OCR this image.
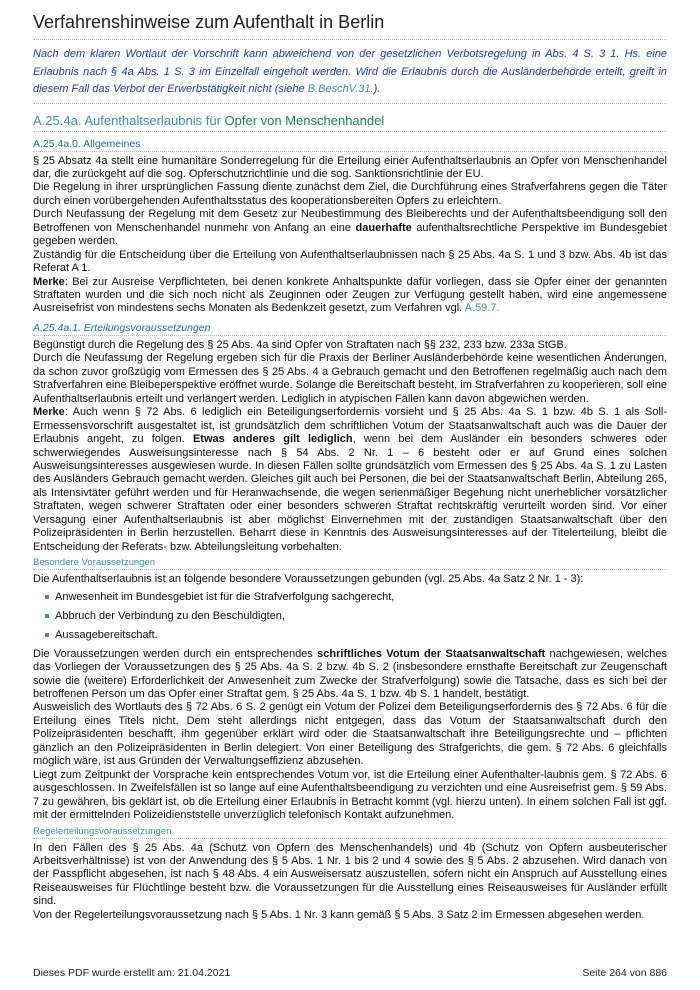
Verfahrenshinweise zum Aufenthalt in Berlin
Nach dem klaren Wortlaut der Vorschrift kann abweichend von der gesetzlichen Verbotsregelung in Abs. 4 S. 3 1. Hs. eine Erlaubnis nach § 4a Abs. 1 S. 3 im Einzelfall eingeholt werden. Wird die Erlaubnis durch die Ausländerbehörde erteilt, greift in diesem Fall das Verbot der Erwerbstätigkeit nicht (siehe B.BeschV.31.).
A.25.4a. Aufenthaltserlaubnis für Opfer von Menschenhandel
A.25.4a.0. Allgemeines

§ 25 Absatz 4a stellt eine humanitäre Sonderregelung für die Erteilung einer Aufenthaltserlaubnis an Opfer von Menschenhandel dar, die zurückgeht auf die sog. Opferschutzrichtlinie und die sog. Sanktionsrichtlinie der EU.

Die Regelung in ihrer ursprünglichen Fassung diente zunächst dem Ziel, die Durchführung eines Strafverfahrens gegen die Täter durch einen vorübergehenden Aufenthaltsstatus des kooperationsbereiten Opfers zu erleichtern.

Durch Neufassung der Regelung mit dem Gesetz zur Neubestimmung des Bleiberechts und der Aufenthaltsbeendigung soll den Betroffenen von Menschenhandel nunmehr von Anfang an eine dauerhafte aufenthaltsrechtliche Perspektive im Bundesgebiet gegeben werden.

Zuständig für die Entscheidung über die Erteilung von Aufenthaltserlaubnissen nach § 25 Abs. 4a S. 1 und 3 bzw. Abs. 4b ist das Referat A 1.

Merke: Bei zur Ausreise Verpflichteten, bei denen konkrete Anhaltspunkte dafür vorliegen, dass sie Opfer einer der genannten Straftaten wurden und die sich noch nicht als Zeuginnen oder Zeugen zur Verfügung gestellt haben, wird eine angemessene Ausreisefrist von mindestens sechs Monaten als Bedenkzeit gesetzt, zum Verfahren vgl. A.59.7.

A.25.4a.1. Erteilungsvoraussetzungen

Begünstigt durch die Regelung des § 25 Abs. 4a sind Opfer von Straftaten nach §§ 232, 233 bzw. 233a StGB.

Durch die Neufassung der Regelung ergeben sich für die Praxis der Berliner Ausländerbehörde keine wesentlichen Änderungen, da schon zuvor großzügig vom Ermessen des § 25 Abs. 4 a Gebrauch gemacht und den Betroffenen regelmäßig auch nach dem Strafverfahren eine Bleibeperspektive eröffnet wurde. Solange die Bereitschaft besteht, im Strafverfahren zu kooperieren, soll eine Aufenthaltserlaubnis erteilt und verlängert werden. Lediglich in atypischen Fällen kann davon abgewichen werden.

Merke: Auch wenn § 72 Abs. 6 lediglich ein Beteiligungserfordernis vorsieht und § 25 Abs. 4a S. 1 bzw. 4b S. 1 als Soll-Ermessensvorschrift ausgestaltet ist, ist grundsätzlich dem schriftlichen Votum der Staatsanwaltschaft auch was die Dauer der Erlaubnis angeht, zu folgen. Etwas anderes gilt lediglich, wenn bei dem Ausländer ein besonders schweres oder schwerwiegendes Ausweisungsinteresse nach § 54 Abs. 2 Nr. 1 – 6 besteht oder er auf Grund eines solchen Ausweisungsinteresses ausgewiesen wurde. In diesen Fällen sollte grundsätzlich vom Ermessen des § 25 Abs. 4a S. 1 zu Lasten des Ausländers Gebrauch gemacht werden. Gleiches gilt auch bei Personen, die bei der Staatsanwaltschaft Berlin, Abteilung 265, als Intensivtäter geführt werden und für Heranwachsende, die wegen serienmäßiger Begehung nicht unerheblicher vorsätzlicher Straftaten, wegen schwerer Straftaten oder einer besonders schweren Straftat rechtskräftig verurteilt worden sind. Vor einer Versagung einer Aufenthaltserlaubnis ist aber möglichst Einvernehmen mit der zuständigen Staatsanwaltschaft über den Polizeipräsidenten in Berlin herzustellen. Beharrt diese in Kenntnis des Ausweisungsinteresses auf der Titelerteilung, bleibt die Entscheidung der Referats- bzw. Abteilungsleitung vorbehalten.

Besondere Voraussetzungen

Die Aufenthaltserlaubnis ist an folgende besondere Voraussetzungen gebunden (vgl. 25 Abs. 4a Satz 2 Nr. 1 - 3):

Anwesenheit im Bundesgebiet ist für die Strafverfolgung sachgerecht,
Abbruch der Verbindung zu den Beschuldigten,
Aussagebereitschaft.

Die Voraussetzungen werden durch ein entsprechendes schriftliches Votum der Staatsanwaltschaft nachgewiesen, welches das Vorliegen der Voraussetzungen des § 25 Abs. 4a S. 2 bzw. 4b S. 2 (insbesondere ernsthafte Bereitschaft zur Zeugenschaft sowie die (weitere) Erforderlichkeit der Anwesenheit zum Zwecke der Strafverfolgung) sowie die Tatsache, dass es sich bei der betroffenen Person um das Opfer einer Straftat gem. § 25 Abs. 4a S. 1 bzw. 4b S. 1 handelt, bestätigt.

Ausweislich des Wortlauts des § 72 Abs. 6 S. 2 genügt ein Votum der Polizei dem Beteiligungserfordernis des § 72 Abs. 6 für die Erteilung eines Titels nicht. Dem steht allerdings nicht entgegen, dass das Votum der Staatsanwaltschaft durch den Polizeipräsidenten beschafft, ihm gegenüber erklärt wird oder die Staatsanwaltschaft ihre Beteiligungsrechte und – pflichten gänzlich an den Polizeipräsidenten in Berlin delegiert. Von einer Beteiligung des Strafgerichts, die gem. § 72 Abs. 6 gleichfalls möglich wäre, ist aus Gründen der Verwaltungseffizienz abzusehen.

Liegt zum Zeitpunkt der Vorsprache kein entsprechendes Votum vor, ist die Erteilung einer Aufenthalter-laubnis gem. § 72 Abs. 6 ausgeschlossen. In Zweifelsfällen ist so lange auf eine Aufenthaltsbeendigung zu verzichten und eine Ausreisefrist gem. § 59 Abs. 7 zu gewähren, bis geklärt ist, ob die Erteilung einer Erlaubnis in Betracht kommt (vgl. hierzu unten). In einem solchen Fall ist ggf. mit der ermittelnden Polizeidienststelle unverzüglich telefonisch Kontakt aufzunehmen.

Regelerteilungsvoraussetzungen

In den Fällen des § 25 Abs. 4a (Schutz von Opfern des Menschenhandels) und 4b (Schutz von Opfern ausbeuterischer Arbeitsverhältnisse) ist von der Anwendung des § 5 Abs. 1 Nr. 1 bis 2 und 4 sowie des § 5 Abs. 2 abzusehen. Wird danach von der Passpflicht abgesehen, ist nach § 48 Abs. 4 ein Ausweisersatz auszustellen, sofern nicht ein Anspruch auf Ausstellung eines Reiseausweises für Flüchtlinge besteht bzw. die Voraussetzungen für die Ausstellung eines Reiseausweises für Ausländer erfüllt sind.

Von der Regelerteilungsvoraussetzung nach § 5 Abs. 1 Nr. 3 kann gemäß § 5 Abs. 3 Satz 2 im Ermessen abgesehen werden.

Dieses PDF wurde erstellt am: 21.04.2021	Seite 264 von 886
